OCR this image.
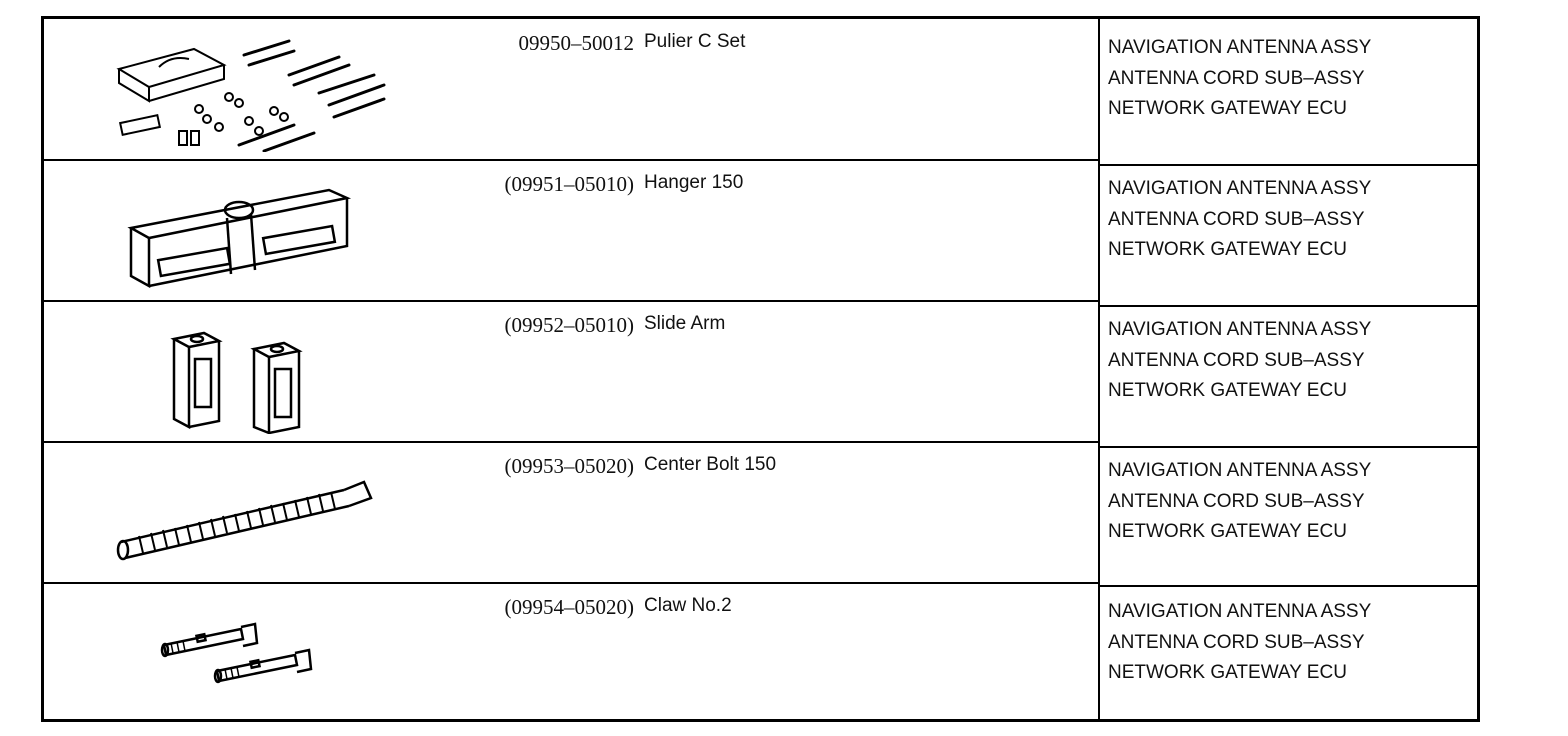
09950–50012 Pulier C Set	NAVIGATION ANTENNA ASSY
ANTENNA CORD SUB–ASSY
NETWORK GATEWAY ECU
(09951–05010) Hanger 150	NAVIGATION ANTENNA ASSY
ANTENNA CORD SUB–ASSY
NETWORK GATEWAY ECU
(09952–05010) Slide Arm	NAVIGATION ANTENNA ASSY
ANTENNA CORD SUB–ASSY
NETWORK GATEWAY ECU
(09953–05020) Center Bolt 150	NAVIGATION ANTENNA ASSY
ANTENNA CORD SUB–ASSY
NETWORK GATEWAY ECU
(09954–05020) Claw No.2	NAVIGATION ANTENNA ASSY
ANTENNA CORD SUB–ASSY
NETWORK GATEWAY ECU
